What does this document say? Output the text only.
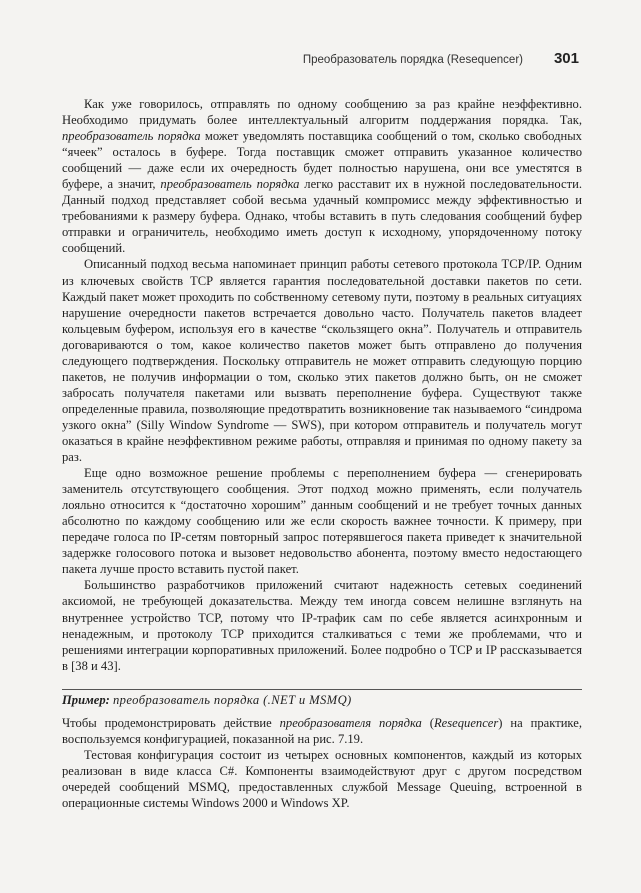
Преобразователь порядка (Resequencer) 301

Как уже говорилось, отправлять по одному сообщению за раз крайне неэффективно. Необходимо придумать более интеллектуальный алгоритм поддержания порядка. Так, преобразователь порядка может уведомлять поставщика сообщений о том, сколько свободных “ячеек” осталось в буфере. Тогда поставщик сможет отправить указанное количество сообщений — даже если их очередность будет полностью нарушена, они все уместятся в буфере, а значит, преобразователь порядка легко расставит их в нужной последовательности. Данный подход представляет собой весьма удачный компромисс между эффективностью и требованиями к размеру буфера. Однако, чтобы вставить в путь следования сообщений буфер отправки и ограничитель, необходимо иметь доступ к исходному, упорядоченному потоку сообщений.

Описанный подход весьма напоминает принцип работы сетевого протокола TCP/IP. Одним из ключевых свойств TCP является гарантия последовательной доставки пакетов по сети. Каждый пакет может проходить по собственному сетевому пути, поэтому в реальных ситуациях нарушение очередности пакетов встречается довольно часто. Получатель пакетов владеет кольцевым буфером, используя его в качестве “скользящего окна”. Получатель и отправитель договариваются о том, какое количество пакетов может быть отправлено до получения следующего подтверждения. Поскольку отправитель не может отправить следующую порцию пакетов, не получив информации о том, сколько этих пакетов должно быть, он не сможет забросать получателя пакетами или вызвать переполнение буфера. Существуют также определенные правила, позволяющие предотвратить возникновение так называемого “синдрома узкого окна” (Silly Window Syndrome — SWS), при котором отправитель и получатель могут оказаться в крайне неэффективном режиме работы, отправляя и принимая по одному пакету за раз.

Еще одно возможное решение проблемы с переполнением буфера — сгенерировать заменитель отсутствующего сообщения. Этот подход можно применять, если получатель лояльно относится к “достаточно хорошим” данным сообщений и не требует точных данных абсолютно по каждому сообщению или же если скорость важнее точности. К примеру, при передаче голоса по IP-сетям повторный запрос потерявшегося пакета приведет к значительной задержке голосового потока и вызовет недовольство абонента, поэтому вместо недостающего пакета лучше просто вставить пустой пакет.

Большинство разработчиков приложений считают надежность сетевых соединений аксиомой, не требующей доказательства. Между тем иногда совсем нелишне взглянуть на внутреннее устройство TCP, потому что IP-трафик сам по себе является асинхронным и ненадежным, и протоколу TCP приходится сталкиваться с теми же проблемами, что и решениями интеграции корпоративных приложений. Более подробно о TCP и IP рассказывается в [38 и 43].

Пример: преобразователь порядка (.NET и MSMQ)

Чтобы продемонстрировать действие преобразователя порядка (Resequencer) на практике, воспользуемся конфигурацией, показанной на рис. 7.19.

Тестовая конфигурация состоит из четырех основных компонентов, каждый из которых реализован в виде класса C#. Компоненты взаимодействуют друг с другом посредством очередей сообщений MSMQ, предоставленных службой Message Queuing, встроенной в операционные системы Windows 2000 и Windows XP.
